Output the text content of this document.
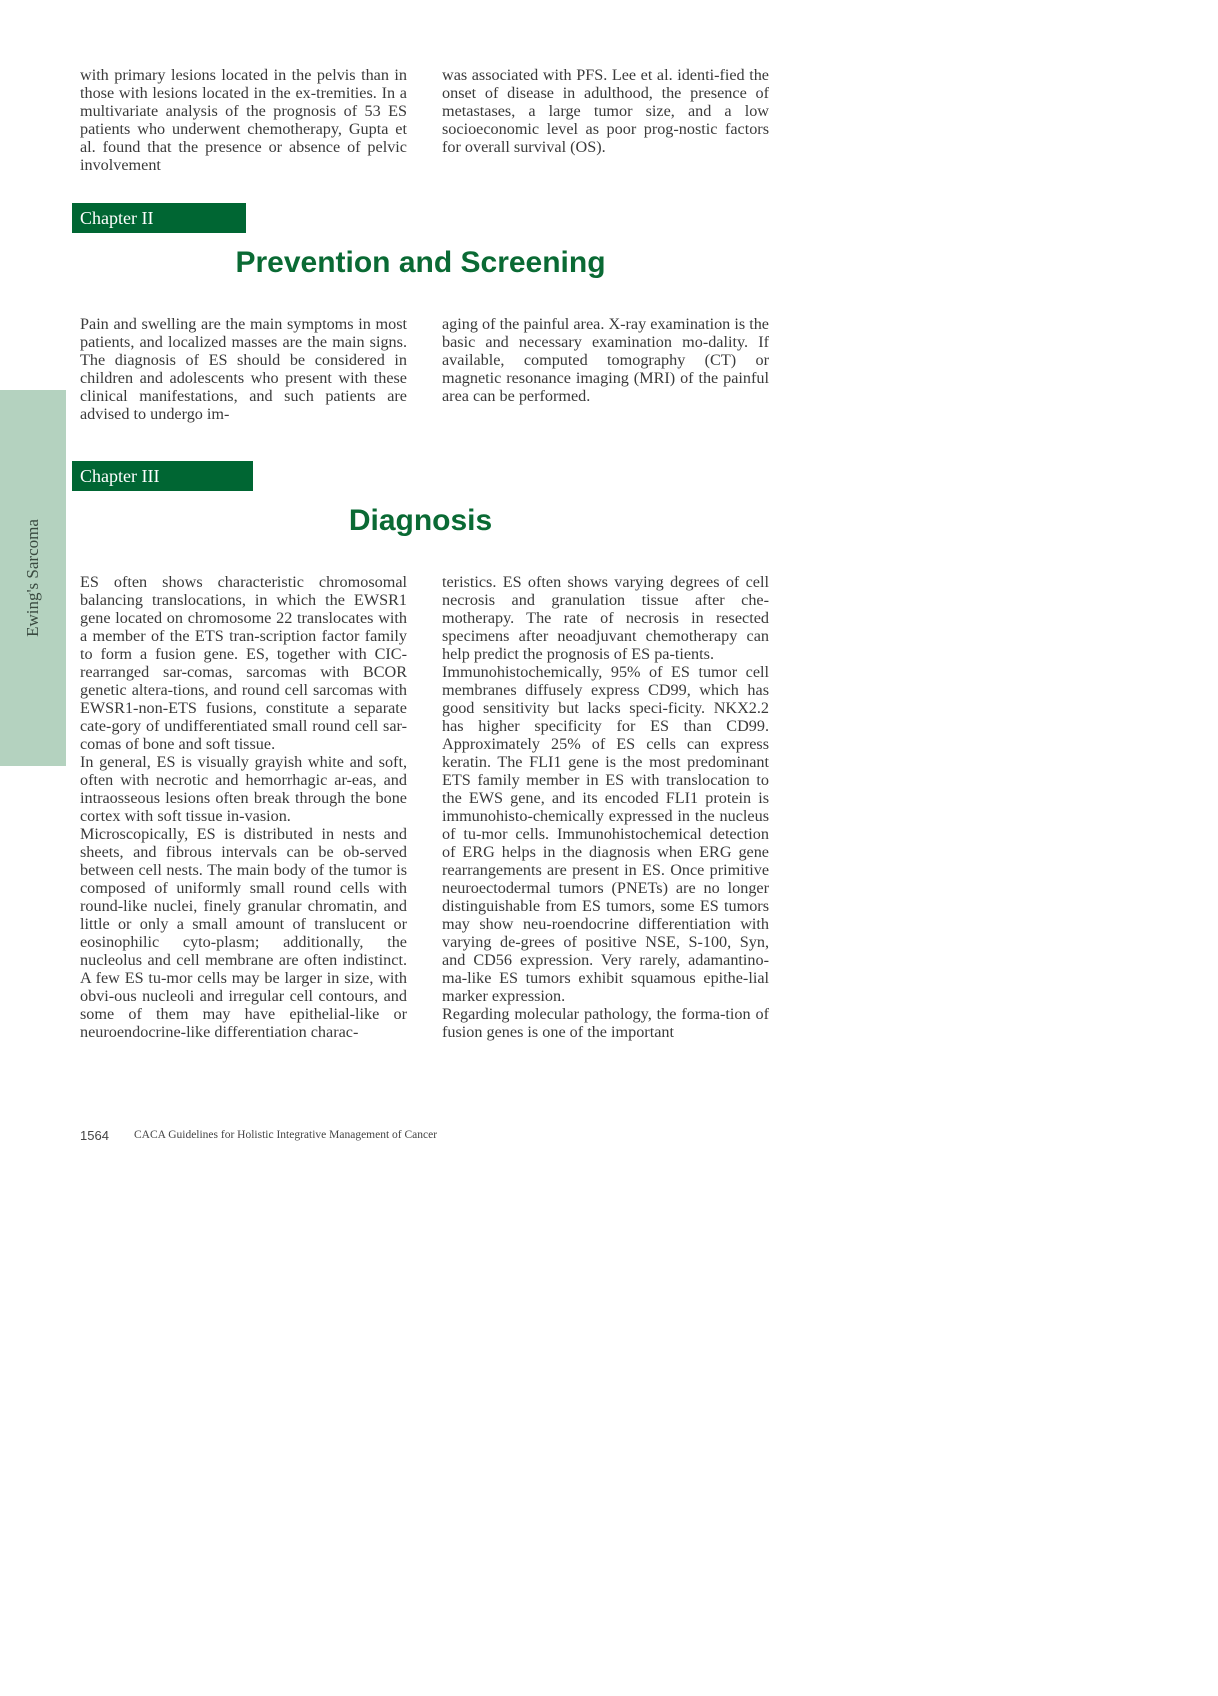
with primary lesions located in the pelvis than in those with lesions located in the ex-tremities. In a multivariate analysis of the prognosis of 53 ES patients who underwent chemotherapy, Gupta et al. found that the presence or absence of pelvic involvement

was associated with PFS. Lee et al. identi-fied the onset of disease in adulthood, the presence of metastases, a large tumor size, and a low socioeconomic level as poor prog-nostic factors for overall survival (OS).

Chapter II
Prevention and Screening

Pain and swelling are the main symptoms in most patients, and localized masses are the main signs. The diagnosis of ES should be considered in children and adolescents who present with these clinical manifestations, and such patients are advised to undergo im-

aging of the painful area. X-ray examination is the basic and necessary examination mo-dality. If available, computed tomography (CT) or magnetic resonance imaging (MRI) of the painful area can be performed.

Ewing's Sarcoma
Chapter III
Diagnosis

ES often shows characteristic chromosomal balancing translocations, in which the EWSR1 gene located on chromosome 22 translocates with a member of the ETS tran-scription factor family to form a fusion gene. ES, together with CIC-rearranged sar-comas, sarcomas with BCOR genetic altera-tions, and round cell sarcomas with EWSR1-non-ETS fusions, constitute a separate cate-gory of undifferentiated small round cell sar-comas of bone and soft tissue.

In general, ES is visually grayish white and soft, often with necrotic and hemorrhagic ar-eas, and intraosseous lesions often break through the bone cortex with soft tissue in-vasion.

Microscopically, ES is distributed in nests and sheets, and fibrous intervals can be ob-served between cell nests. The main body of the tumor is composed of uniformly small round cells with round-like nuclei, finely granular chromatin, and little or only a small amount of translucent or eosinophilic cyto-plasm; additionally, the nucleolus and cell membrane are often indistinct. A few ES tu-mor cells may be larger in size, with obvi-ous nucleoli and irregular cell contours, and some of them may have epithelial-like or neuroendocrine-like differentiation charac-

teristics. ES often shows varying degrees of cell necrosis and granulation tissue after che-motherapy. The rate of necrosis in resected specimens after neoadjuvant chemotherapy can help predict the prognosis of ES pa-tients.

Immunohistochemically, 95% of ES tumor cell membranes diffusely express CD99, which has good sensitivity but lacks speci-ficity. NKX2.2 has higher specificity for ES than CD99. Approximately 25% of ES cells can express keratin. The FLI1 gene is the most predominant ETS family member in ES with translocation to the EWS gene, and its encoded FLI1 protein is immunohisto-chemically expressed in the nucleus of tu-mor cells. Immunohistochemical detection of ERG helps in the diagnosis when ERG gene rearrangements are present in ES. Once primitive neuroectodermal tumors (PNETs) are no longer distinguishable from ES tumors, some ES tumors may show neu-roendocrine differentiation with varying de-grees of positive NSE, S-100, Syn, and CD56 expression. Very rarely, adamantino-ma-like ES tumors exhibit squamous epithe-lial marker expression.

Regarding molecular pathology, the forma-tion of fusion genes is one of the important

1564 CACA Guidelines for Holistic Integrative Management of Cancer
